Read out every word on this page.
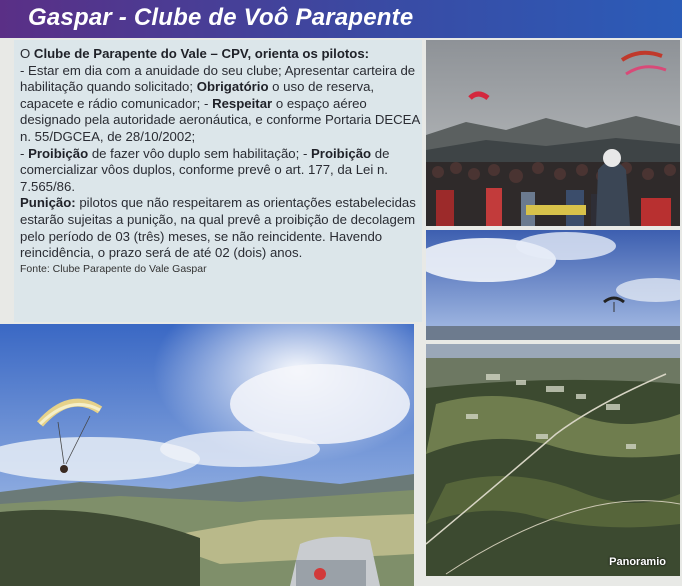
Gaspar - Clube de Voô Parapente

O Clube de Parapente do Vale – CPV, orienta os pilotos:

- Estar em dia com a anuidade do seu clube; Apresentar carteira de habilitação quando solicitado; Obrigatório o uso de reserva, capacete e rádio comunicador; - Respeitar o espaço aéreo designado pela autoridade aeronáutica, e conforme Portaria DECEA n. 55/DGCEA, de 28/10/2002;

- Proibição de fazer vôo duplo sem habilitação; - Proibição de comercializar vôos duplos, conforme prevê o art. 177, da Lei n. 7.565/86.

Punição: pilotos que não respeitarem as orientações estabelecidas estarão sujeitas a punição, na qual prevê a proibição de decolagem pelo período de 03 (três) meses, se não reincidente. Havendo reincidência, o prazo será de até 02 (dois) anos.

Fonte: Clube Parapente do Vale Gaspar

Panoramio
